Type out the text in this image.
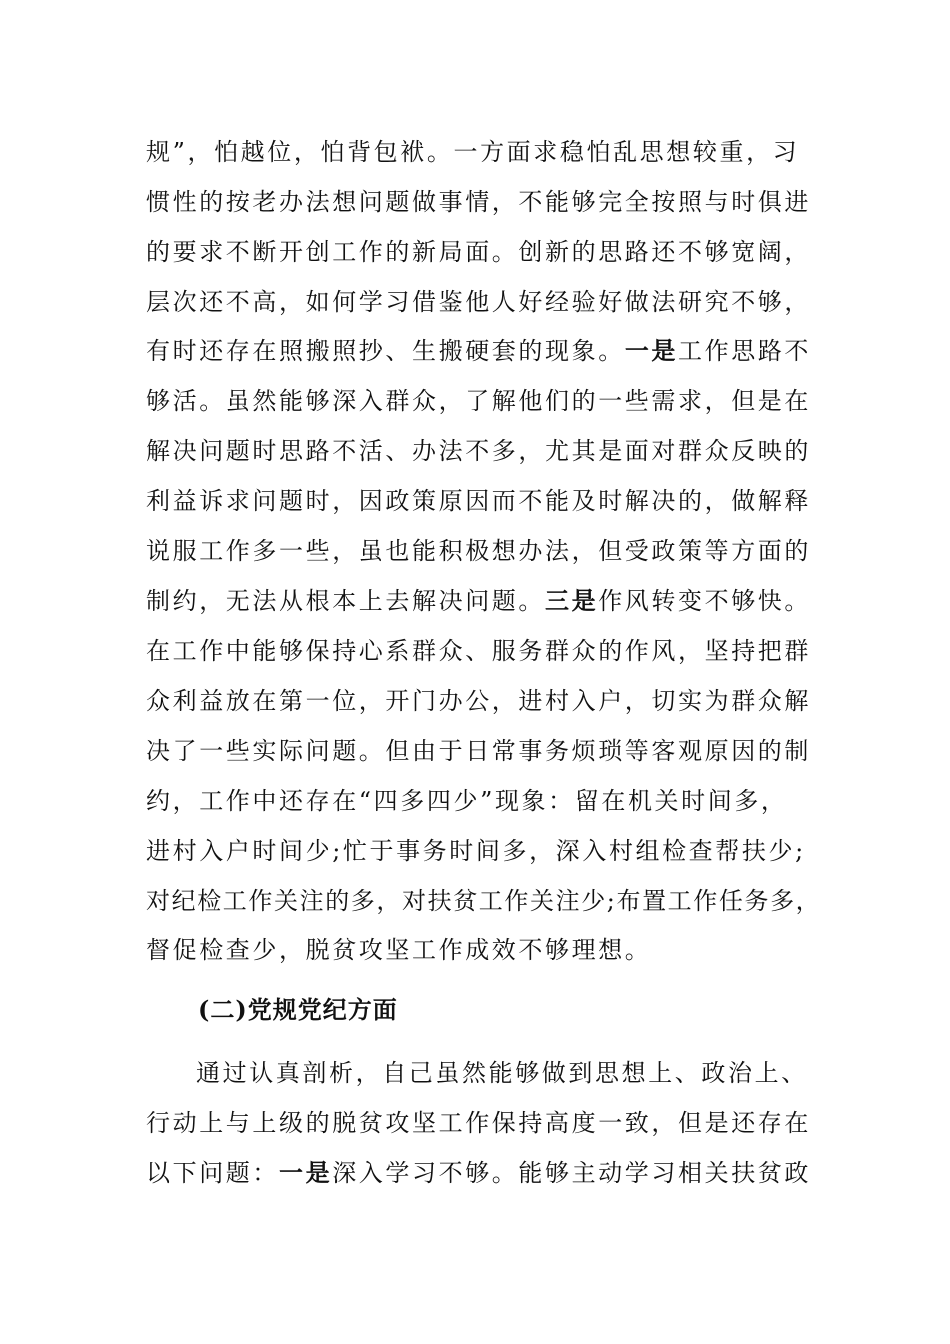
规”，怕越位，怕背包袱。一方面求稳怕乱思想较重，习
惯性的按老办法想问题做事情，不能够完全按照与时俱进
的要求不断开创工作的新局面。创新的思路还不够宽阔，
层次还不高，如何学习借鉴他人好经验好做法研究不够，
有时还存在照搬照抄、生搬硬套的现象。一是工作思路不
够活。虽然能够深入群众，了解他们的一些需求，但是在
解决问题时思路不活、办法不多，尤其是面对群众反映的
利益诉求问题时，因政策原因而不能及时解决的，做解释
说服工作多一些，虽也能积极想办法，但受政策等方面的
制约，无法从根本上去解决问题。三是作风转变不够快。
在工作中能够保持心系群众、服务群众的作风，坚持把群
众利益放在第一位，开门办公，进村入户，切实为群众解
决了一些实际问题。但由于日常事务烦琐等客观原因的制
约，工作中还存在“四多四少”现象：留在机关时间多，
进村入户时间少;忙于事务时间多，深入村组检查帮扶少;
对纪检工作关注的多，对扶贫工作关注少;布置工作任务多，
督促检查少，脱贫攻坚工作成效不够理想。
(二)党规党纪方面
通过认真剖析，自己虽然能够做到思想上、政治上、
行动上与上级的脱贫攻坚工作保持高度一致，但是还存在
以下问题：一是深入学习不够。能够主动学习相关扶贫政
